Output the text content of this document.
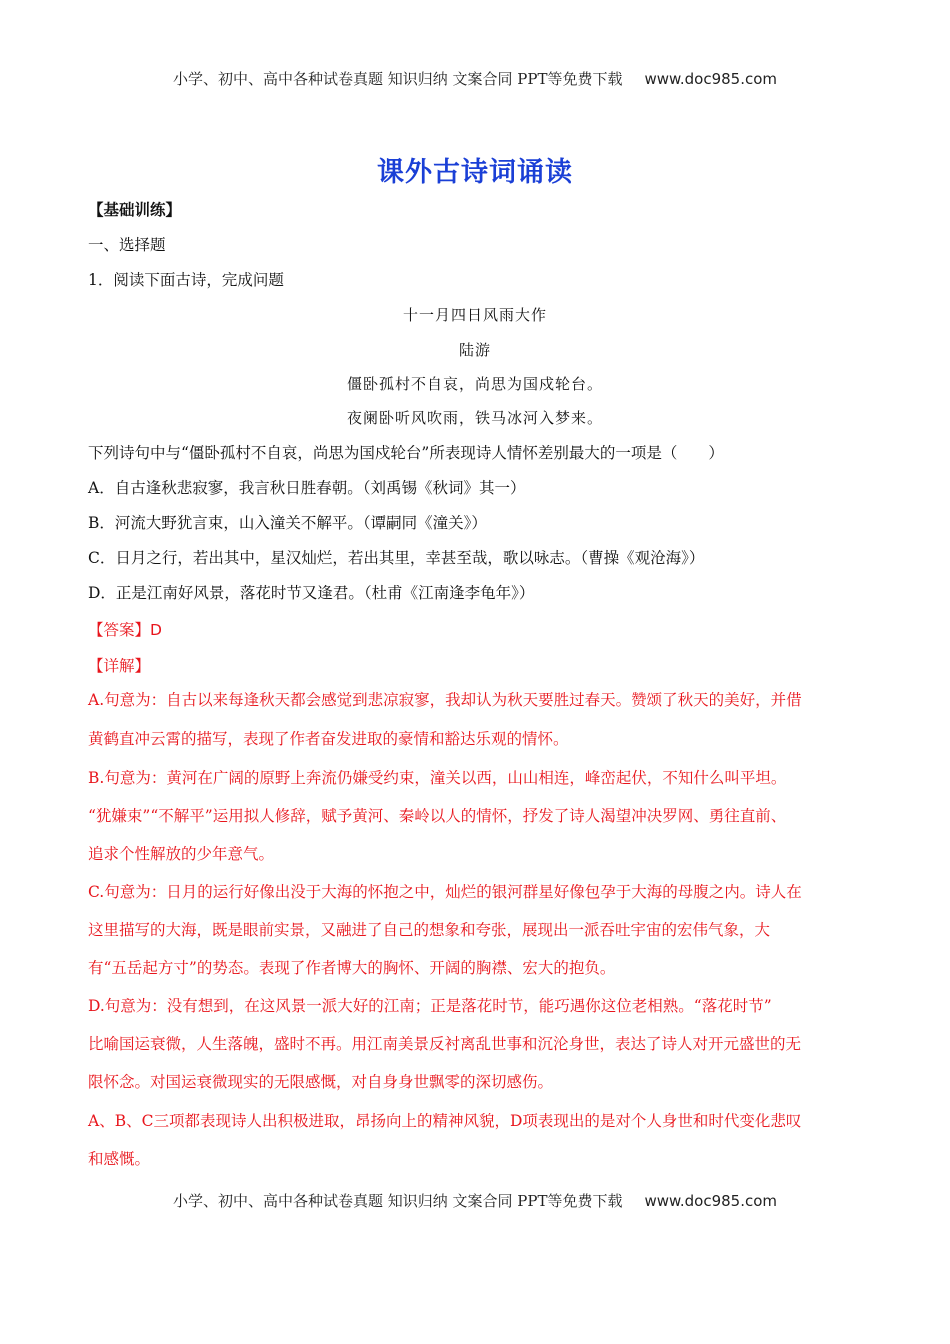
小学、初中、高中各种试卷真题 知识归纳 文案合同 PPT等免费下载 www.doc985.com
课外古诗词诵读
【基础训练】
一、选择题
1．阅读下面古诗，完成问题
十一月四日风雨大作
陆游
僵卧孤村不自哀，尚思为国戍轮台。
夜阑卧听风吹雨，铁马冰河入梦来。
下列诗句中与“僵卧孤村不自哀，尚思为国戍轮台”所表现诗人情怀差别最大的一项是（　　）
A．自古逢秋悲寂寥，我言秋日胜春朝。（刘禹锡《秋词》其一）
B．河流大野犹言束，山入潼关不解平。（谭嗣同《潼关》）
C．日月之行，若出其中，星汉灿烂，若出其里，幸甚至哉，歌以咏志。（曹操《观沧海》）
D．正是江南好风景，落花时节又逢君。（杜甫《江南逢李龟年》）
【答案】D
【详解】
A.句意为：自古以来每逢秋天都会感觉到悲凉寂寥，我却认为秋天要胜过春天。赞颂了秋天的美好，并借
黄鹤直冲云霄的描写，表现了作者奋发进取的豪情和豁达乐观的情怀。
B.句意为：黄河在广阔的原野上奔流仍嫌受约束，潼关以西，山山相连，峰峦起伏，不知什么叫平坦。
“犹嫌束”“不解平”运用拟人修辞，赋予黄河、秦岭以人的情怀，抒发了诗人渴望冲决罗网、勇往直前、
追求个性解放的少年意气。
C.句意为：日月的运行好像出没于大海的怀抱之中，灿烂的银河群星好像包孕于大海的母腹之内。诗人在
这里描写的大海，既是眼前实景，又融进了自己的想象和夸张，展现出一派吞吐宇宙的宏伟气象，大
有“五岳起方寸”的势态。表现了作者博大的胸怀、开阔的胸襟、宏大的抱负。
D.句意为：没有想到，在这风景一派大好的江南；正是落花时节，能巧遇你这位老相熟。“落花时节”
比喻国运衰微，人生落魄，盛时不再。用江南美景反衬离乱世事和沉沦身世，表达了诗人对开元盛世的无
限怀念。对国运衰微现实的无限感慨，对自身身世飘零的深切感伤。
A、B、C三项都表现诗人出积极进取，昂扬向上的精神风貌，D项表现出的是对个人身世和时代变化悲叹
和感慨。
小学、初中、高中各种试卷真题 知识归纳 文案合同 PPT等免费下载 www.doc985.com
